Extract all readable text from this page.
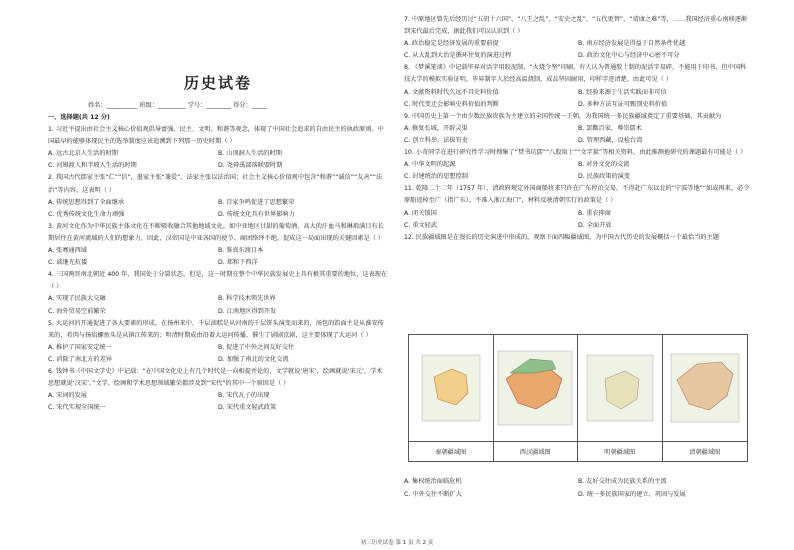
历史试卷
姓名：__________ 班级：_________ 学号：________ 得分：_____
一、选择题(共 12 分)
1. 习近平提出由社会主义核心价值观倡导富强、民主、文明、和谐等观念，体现了中国社会追求的自由民主的执政原则。中国最早的能够体现民主的选举制度应该追溯到下列那一历史时期（ ）
A. 远古北京人生活的时期	B. 山顶洞人生活的时期
C. 河姆渡人和半坡人生活的时期	D. 尧舜禹部落联盟时期
2. 我国古代儒家主张“仁”“信”，墨家主张“兼爱”，法家主张以法治国；社会主义核心价值观中包含“和谐”“诚信”“友善”“法治”等内容。这表明（ ）
A. 传统思想得到了全面继承	B. 百家争鸣促进了思想繁荣
C. 优秀传统文化生命力顽强	D. 传统文化具有世界影响力
3. 黄河文化作为中华民族主体文化在不断吸收融合其他地域文化，如中亚地区甘甜的葡萄酒、高大的汗血马和琳琅满目有长期居住在黄河流域的人们的想象力。因此，汉帝国是中亚各国的使节、商团络绎不绝，促成这一局面出现的关键因素是（ ）
A. 张骞通西域	B. 鉴真东渡日本
C. 戚继光抗倭	D. 郑和下西洋
4. 三国两晋南北朝近 400 年，我国处于分裂状态，但是，这一时期在整个中华民族发展史上具有极其重要的地位，这表现在（ ）
A. 实现了民族大交融	B. 科学技术领先世界
C. 海外贸易空前繁荣	D. 江南地区得到开发
5. 大运河的开通促进了各大要素的形成，在扬州来中，千层油糕是从河南的千层饼头演变而来的，汤包的馅面主是从淮安传来的，肴肉与扬焰螺鱼头是从镇江传来的；明清时期成由沿着大运河传播，催生了剧剧京剧，这主要体现了大运河（ ）
A. 推护了国家安定统一	B. 促进了中外之间友好交往
C. 消除了南北方的差异	D. 加强了南北的文化交流
6. 钱钟书《中国文学史》中记载：“在中国文化史上有几个时代是一向相提并论的，文学就说‘唐宋’，绘画就说‘宋元’，学术思想就说‘汉宋’。”文学、绘画和学术思想领域繁荣都涉及到“宋代”的其中一个原因是（ ）
A. 宋词的发展	B. 宋代瓦子的出现
C. 宋代实现全国统一	D. 宋代重文轻武政策
7. 中原地区曾先后经历过“五胡十六国”、“八王之乱”、“安史之乱”、“五代更替”、“靖康之难”等，……我国经济重心南移逐渐到宋代最后完成，据此我们可以认识到（ ）
A. 政治稳定是经济发展的重要前提	B. 南方经济发展是得益于自然条件优越
C. 从大乱到大治是循环往复的演进过程	D. 政治文化中心与经济中心密不可分
8. 《梦溪笔谈》中记载毕昇对活字用胶泥制，“火烧令坚”印刷。有人认为普通胶土制的泥活字易碎，不能用于印书，但中国科技大学的模拟实验证明，毕昇制字人於经高温烧制，成品坚固耐用，印样字迹清楚。由此可见（ ）
A. 文献资料时代久远不具史料价值	B. 经验来源于生活实践而非可信
C. 时代变迁会影响史料价值的判断	D. 多种方法互证可甄别史料价值
9. 中国历史上第一个由少数民族贵族为主建立的全国性统一王朝，为我国统一多民族疆域奠定了重要基础，其贡献为
A. 修复长城，开辟灵渠	B. 罢黜百家，尊崇儒术
C. 创立科举，法拔官吏	D. 管理西藏，设检台湾
10. 小奇同学在进行研究性学习时搜集了“焚书坑儒”“八股取士”“文字狱”等相关资料，由此推测他研究的课题最有可能是（ ）
A. 中华文明的起源	B. 对外文化的交流
C. 封建统治的思想控制	D. 民族政策的演变
11. 乾隆二十二年（1757 年），清政府规定外国商船将来只许在广东停泊交易，不得赴广东以北的“宁波等地”“如或再来，必令原船返棹至广（指广东），不准入浙江海口”，材料反映清朝实行的政策是（ ）
A. 闭关锁国	B. 重农抑商
C. 重文轻武	D. 全面开放
12. 民族疆域图是在漫长的历史演进中形成的。观察下面四幅疆域图，为中国古代历史的发展概括一个最恰当的主题
秦朝疆域图	西汉疆域图	明朝疆域图	清朝疆域图
A. 集权统治面临危机	B. 友好交往成为民族关系的主流
C. 中外交往不断扩大	D. 统一多民族国家的建立、巩固与发展
初三历史试卷 第 1 页 共 2 页
